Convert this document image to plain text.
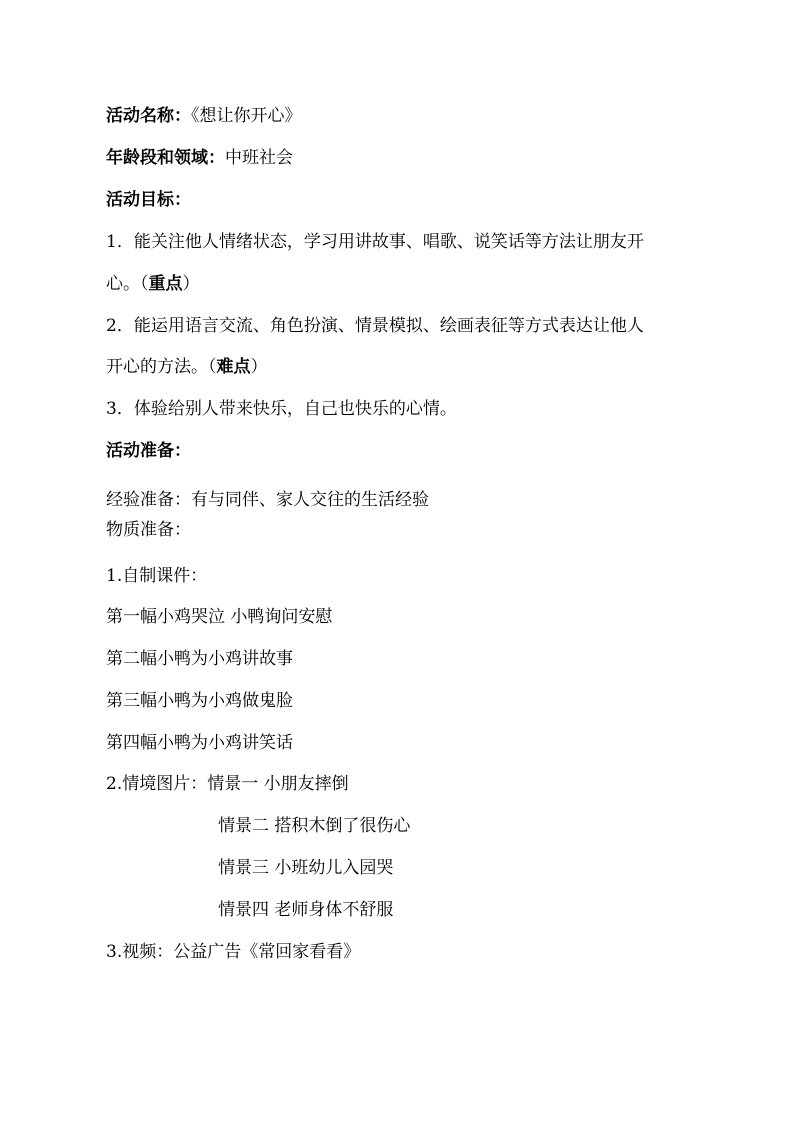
活动名称：《想让你开心》
年龄段和领域：中班社会
活动目标：
1．能关注他人情绪状态，学习用讲故事、唱歌、说笑话等方法让朋友开
心。（重点）
2．能运用语言交流、角色扮演、情景模拟、绘画表征等方式表达让他人
开心的方法。（难点）
3．体验给别人带来快乐，自己也快乐的心情。
活动准备：
经验准备：有与同伴、家人交往的生活经验
物质准备：
1.自制课件：
第一幅小鸡哭泣 小鸭询问安慰
第二幅小鸭为小鸡讲故事
第三幅小鸭为小鸡做鬼脸
第四幅小鸭为小鸡讲笑话
2.情境图片：情景一 小朋友摔倒
情景二 搭积木倒了很伤心
情景三 小班幼儿入园哭
情景四 老师身体不舒服
3.视频：公益广告《常回家看看》
